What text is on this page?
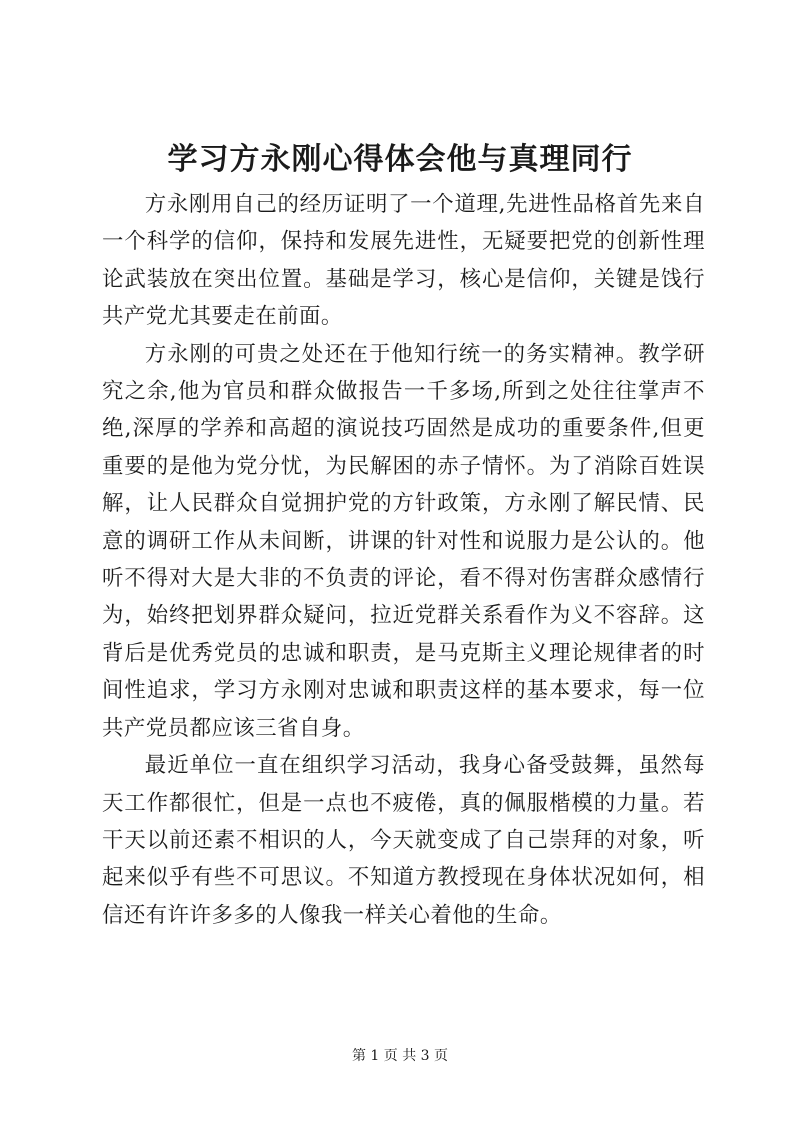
学习方永刚心得体会他与真理同行

方永刚用自己的经历证明了一个道理,先进性品格首先来自一个科学的信仰，保持和发展先进性，无疑要把党的创新性理论武装放在突出位置。基础是学习，核心是信仰，关键是饯行共产党尤其要走在前面。

方永刚的可贵之处还在于他知行统一的务实精神。教学研究之余,他为官员和群众做报告一千多场,所到之处往往掌声不绝,深厚的学养和高超的演说技巧固然是成功的重要条件,但更重要的是他为党分忧，为民解困的赤子情怀。为了消除百姓误解，让人民群众自觉拥护党的方针政策，方永刚了解民情、民意的调研工作从未间断，讲课的针对性和说服力是公认的。他听不得对大是大非的不负责的评论，看不得对伤害群众感情行为，始终把划界群众疑问，拉近党群关系看作为义不容辞。这背后是优秀党员的忠诚和职责，是马克斯主义理论规律者的时间性追求，学习方永刚对忠诚和职责这样的基本要求，每一位共产党员都应该三省自身。

最近单位一直在组织学习活动，我身心备受鼓舞，虽然每天工作都很忙，但是一点也不疲倦，真的佩服楷模的力量。若干天以前还素不相识的人，今天就变成了自己崇拜的对象，听起来似乎有些不可思议。不知道方教授现在身体状况如何，相信还有许许多多的人像我一样关心着他的生命。

第 1 页 共 3 页
